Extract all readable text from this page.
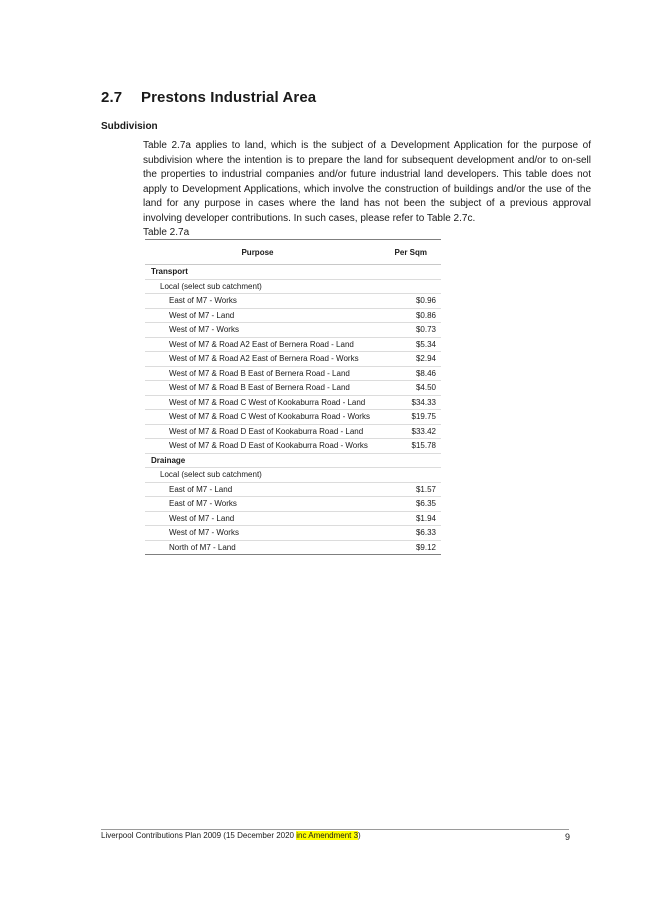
2.7 Prestons Industrial Area
Subdivision

Table 2.7a applies to land, which is the subject of a Development Application for the purpose of subdivision where the intention is to prepare the land for subsequent development and/or to on-sell the properties to industrial companies and/or future industrial land developers. This table does not apply to Development Applications, which involve the construction of buildings and/or the use of the land for any purpose in cases where the land has not been the subject of a previous approval involving developer contributions. In such cases, please refer to Table 2.7c.

Table 2.7a
Purpose	Per Sqm
Transport	
Local (select sub catchment)	
East of M7 - Works	$0.96
West of M7 - Land	$0.86
West of M7 - Works	$0.73
West of M7 & Road A2 East of Bernera Road - Land	$5.34
West of M7 & Road A2 East of Bernera Road - Works	$2.94
West of M7 & Road B East of Bernera Road - Land	$8.46
West of M7 & Road B East of Bernera Road - Land	$4.50
West of M7 & Road C West of Kookaburra Road - Land	$34.33
West of M7 & Road C West of Kookaburra Road - Works	$19.75
West of M7 & Road D East of Kookaburra Road - Land	$33.42
West of M7 & Road D East of Kookaburra Road - Works	$15.78
Drainage	
Local (select sub catchment)	
East of M7 - Land	$1.57
East of M7 - Works	$6.35
West of M7 - Land	$1.94
West of M7 - Works	$6.33
North of M7 - Land	$9.12
Liverpool Contributions Plan 2009 (15 December 2020 inc Amendment 3)	9
